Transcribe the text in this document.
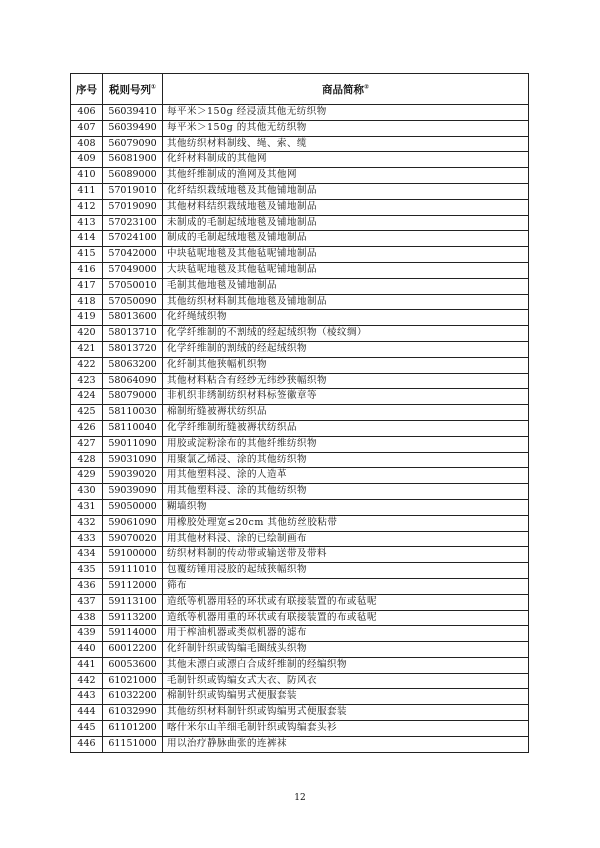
序号	税则号列①	商品简称②
406	56039410	每平米＞150g 经浸渍其他无纺织物
407	56039490	每平米＞150g 的其他无纺织物
408	56079090	其他纺织材料制线、绳、索、缆
409	56081900	化纤材料制成的其他网
410	56089000	其他纤维制成的渔网及其他网
411	57019010	化纤结织栽绒地毯及其他铺地制品
412	57019090	其他材料结织栽绒地毯及铺地制品
413	57023100	未制成的毛制起绒地毯及铺地制品
414	57024100	制成的毛制起绒地毯及铺地制品
415	57042000	中块毡呢地毯及其他毡呢铺地制品
416	57049000	大块毡呢地毯及其他毡呢铺地制品
417	57050010	毛制其他地毯及铺地制品
418	57050090	其他纺织材料制其他地毯及铺地制品
419	58013600	化纤绳绒织物
420	58013710	化学纤维制的不割绒的经起绒织物（棱纹绸）
421	58013720	化学纤维制的割绒的经起绒织物
422	58063200	化纤制其他狭幅机织物
423	58064090	其他材料粘合有经纱无纬纱狭幅织物
424	58079000	非机织非绣制纺织材料标签徽章等
425	58110030	棉制绗缝被褥状纺织品
426	58110040	化学纤维制绗缝被褥状纺织品
427	59011090	用胶或淀粉涂布的其他纤维纺织物
428	59031090	用聚氯乙烯浸、涂的其他纺织物
429	59039020	用其他塑料浸、涂的人造革
430	59039090	用其他塑料浸、涂的其他纺织物
431	59050000	糊墙织物
432	59061090	用橡胶处理宽≤20cm 其他纺丝胶粘带
433	59070020	用其他材料浸、涂的已绘制画布
434	59100000	纺织材料制的传动带或输送带及带料
435	59111010	包覆纺锤用浸胶的起绒狭幅织物
436	59112000	筛布
437	59113100	造纸等机器用轻的环状或有联接装置的布或毡呢
438	59113200	造纸等机器用重的环状或有联接装置的布或毡呢
439	59114000	用于榨油机器或类似机器的滤布
440	60012200	化纤制针织或钩编毛圈绒头织物
441	60053600	其他未漂白或漂白合成纤维制的经编织物
442	61021000	毛制针织或钩编女式大衣、防风衣
443	61032200	棉制针织或钩编男式便服套装
444	61032990	其他纺织材料制针织或钩编男式便服套装
445	61101200	喀什米尔山羊细毛制针织或钩编套头衫
446	61151000	用以治疗静脉曲张的连裤袜
12
